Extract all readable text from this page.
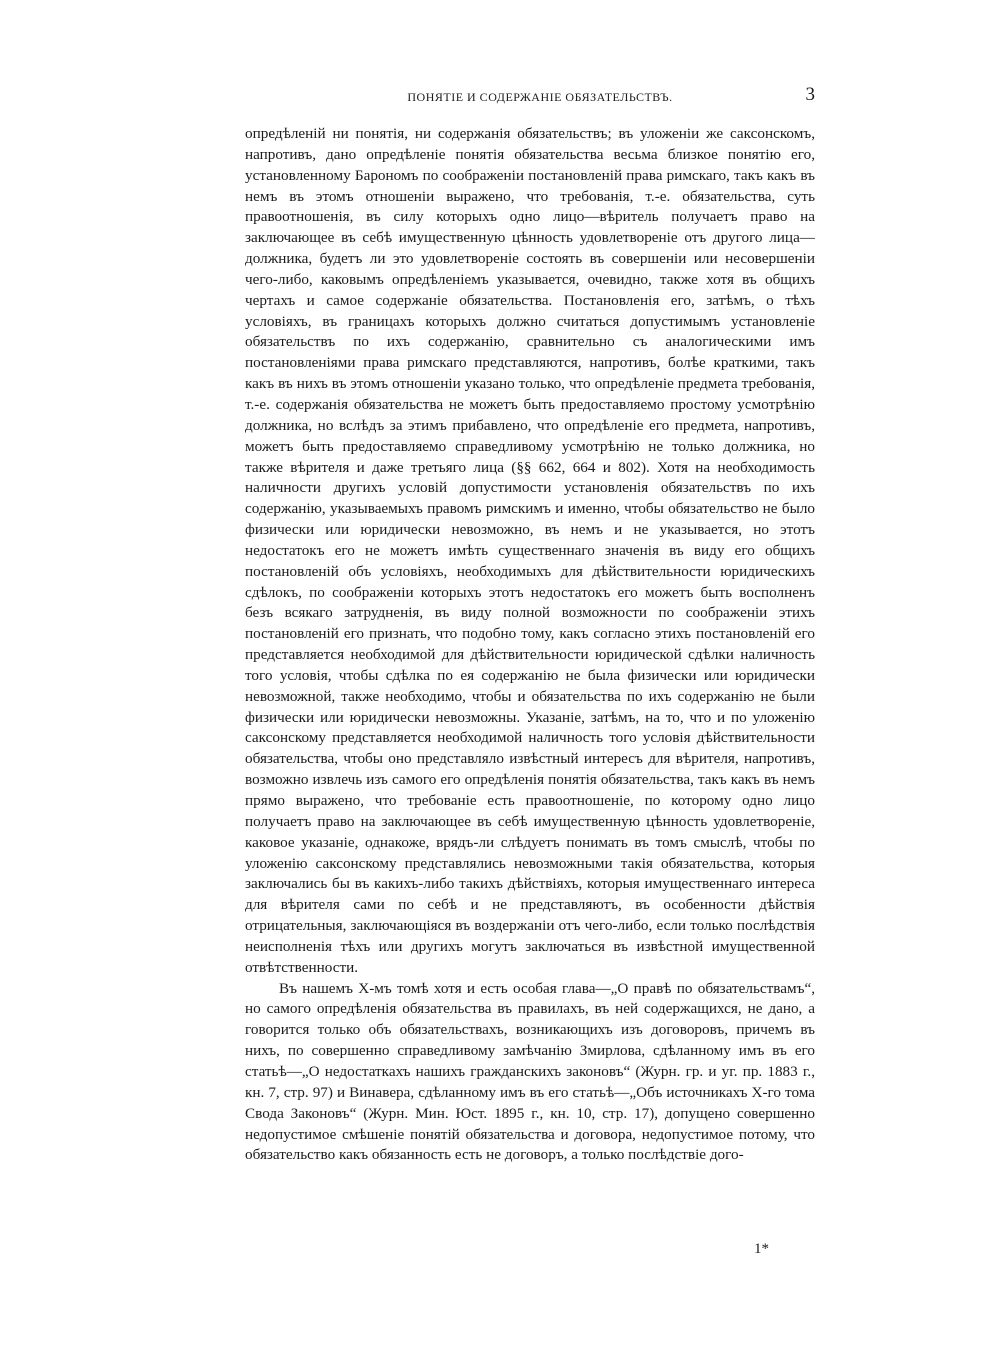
ПОНЯТІЕ И СОДЕРЖАНІЕ ОБЯЗАТЕЛЬСТВЪ.	3

опредѣленій ни понятія, ни содержанія обязательствъ; въ уложеніи же саксонскомъ, напротивъ, дано опредѣленіе понятія обязательства весьма близкое понятію его, установленному Барономъ по соображеніи постановленій права римскаго, такъ какъ въ немъ въ этомъ отношеніи выражено, что требованія, т.-е. обязательства, суть правоотношенія, въ силу которыхъ одно лицо—вѣритель получаетъ право на заключающее въ себѣ имущественную цѣнность удовлетвореніе отъ другого лица—должника, будетъ ли это удовлетвореніе состоять въ совершеніи или несовершеніи чего-либо, каковымъ опредѣленіемъ указывается, очевидно, также хотя въ общихъ чертахъ и самое содержаніе обязательства. Постановленія его, затѣмъ, о тѣхъ условіяхъ, въ границахъ которыхъ должно считаться допустимымъ установленіе обязательствъ по ихъ содержанію, сравнительно съ аналогическими имъ постановленіями права римскаго представляются, напротивъ, болѣе краткими, такъ какъ въ нихъ въ этомъ отношеніи указано только, что опредѣленіе предмета требованія, т.-е. содержанія обязательства не можетъ быть предоставляемо простому усмотрѣнію должника, но вслѣдъ за этимъ прибавлено, что опредѣленіе его предмета, напротивъ, можетъ быть предоставляемо справедливому усмотрѣнію не только должника, но также вѣрителя и даже третьяго лица (§§ 662, 664 и 802). Хотя на необходимость наличности другихъ условій допустимости установленія обязательствъ по ихъ содержанію, указываемыхъ правомъ римскимъ и именно, чтобы обязательство не было физически или юридически невозможно, въ немъ и не указывается, но этотъ недостатокъ его не можетъ имѣть существеннаго значенія въ виду его общихъ постановленій объ условіяхъ, необходимыхъ для дѣйствительности юридическихъ сдѣлокъ, по соображеніи которыхъ этотъ недостатокъ его можетъ быть восполненъ безъ всякаго затрудненія, въ виду полной возможности по соображеніи этихъ постановленій его признать, что подобно тому, какъ согласно этихъ постановленій его представляется необходимой для дѣйствительности юридической сдѣлки наличность того условія, чтобы сдѣлка по ея содержанію не была физически или юридически невозможной, также необходимо, чтобы и обязательства по ихъ содержанію не были физически или юридически невозможны. Указаніе, затѣмъ, на то, что и по уложенію саксонскому представляется необходимой наличность того условія дѣйствительности обязательства, чтобы оно представляло извѣстный интересъ для вѣрителя, напротивъ, возможно извлечь изъ самого его опредѣленія понятія обязательства, такъ какъ въ немъ прямо выражено, что требованіе есть правоотношеніе, по которому одно лицо получаетъ право на заключающее въ себѣ имущественную цѣнность удовлетвореніе, каковое указаніе, однакоже, врядъ-ли слѣдуетъ понимать въ томъ смыслѣ, чтобы по уложенію саксонскому представлялись невозможными такія обязательства, которыя заключались бы въ какихъ-либо такихъ дѣйствіяхъ, которыя имущественнаго интереса для вѣрителя сами по себѣ и не представляютъ, въ особенности дѣйствія отрицательныя, заключающіяся въ воздержаніи отъ чего-либо, если только послѣдствія неисполненія тѣхъ или другихъ могутъ заключаться въ извѣстной имущественной отвѣтственности.

Въ нашемъ X-мъ томѣ хотя и есть особая глава—„О правѣ по обязательствамъ“, но самого опредѣленія обязательства въ правилахъ, въ ней содержащихся, не дано, а говорится только объ обязательствахъ, возникающихъ изъ договоровъ, причемъ въ нихъ, по совершенно справедливому замѣчанію Змирлова, сдѣланному имъ въ его статьѣ—„О недостаткахъ нашихъ гражданскихъ законовъ“ (Журн. гр. и уг. пр. 1883 г., кн. 7, стр. 97) и Винавера, сдѣланному имъ въ его статьѣ—„Объ источникахъ X-го тома Свода Законовъ“ (Журн. Мин. Юст. 1895 г., кн. 10, стр. 17), допущено совершенно недопустимое смѣшеніе понятій обязательства и договора, недопустимое потому, что обязательство какъ обязанность есть не договоръ, а только послѣдствіе дого-

1*
